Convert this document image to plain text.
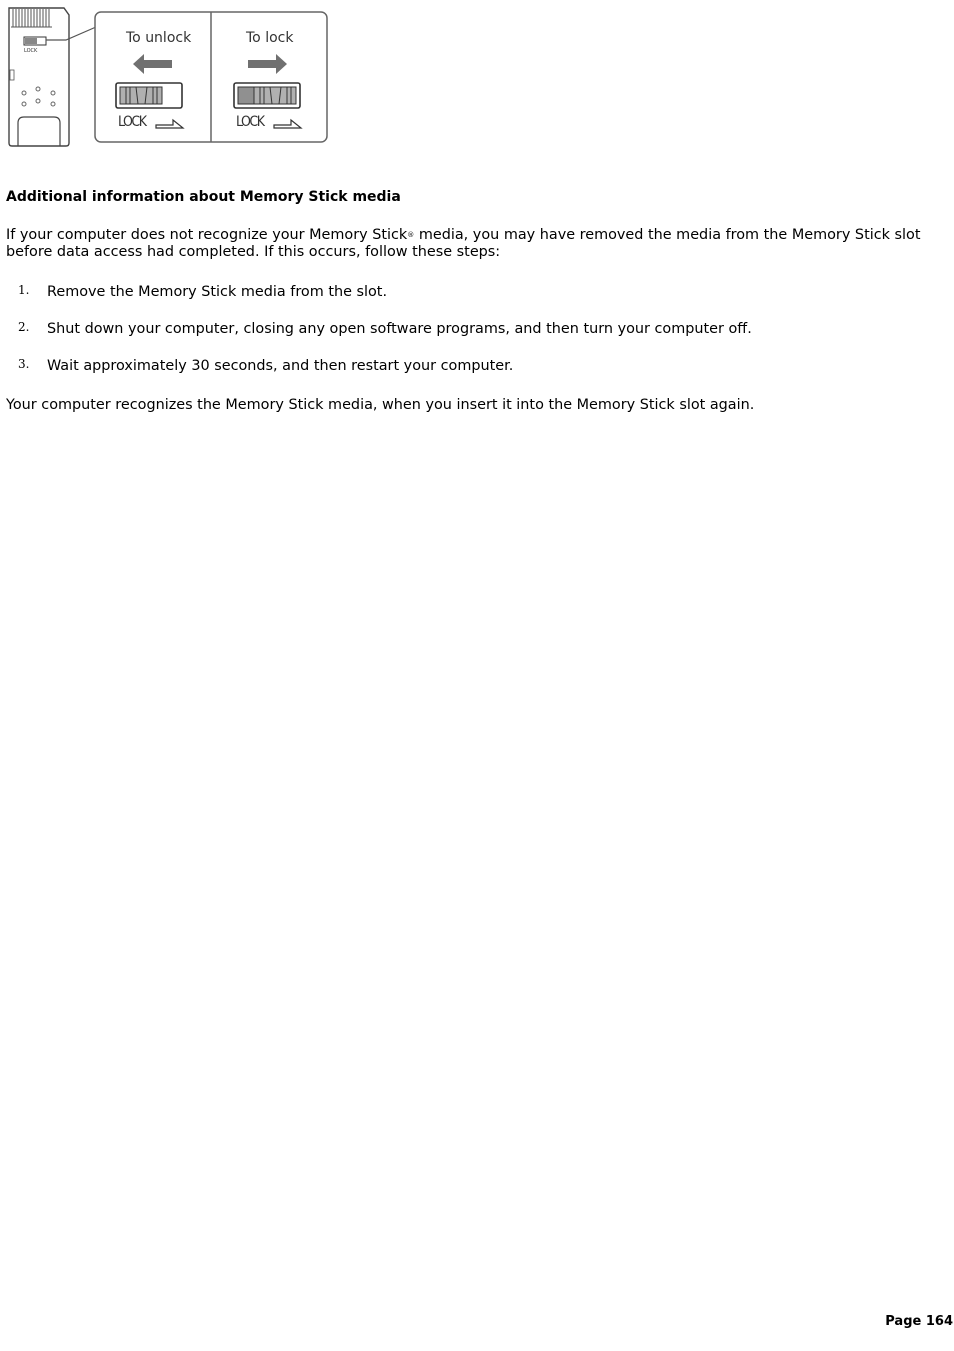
LOCK
To unlock
LOCK
To lock
LOCK
Additional information about Memory Stick media

If your computer does not recognize your Memory Stick® media, you may have removed the media from the Memory Stick slot before data access had completed. If this occurs, follow these steps:

1. Remove the Memory Stick media from the slot.
2. Shut down your computer, closing any open software programs, and then turn your computer off.
3. Wait approximately 30 seconds, and then restart your computer.

Your computer recognizes the Memory Stick media, when you insert it into the Memory Stick slot again.

Page 164
